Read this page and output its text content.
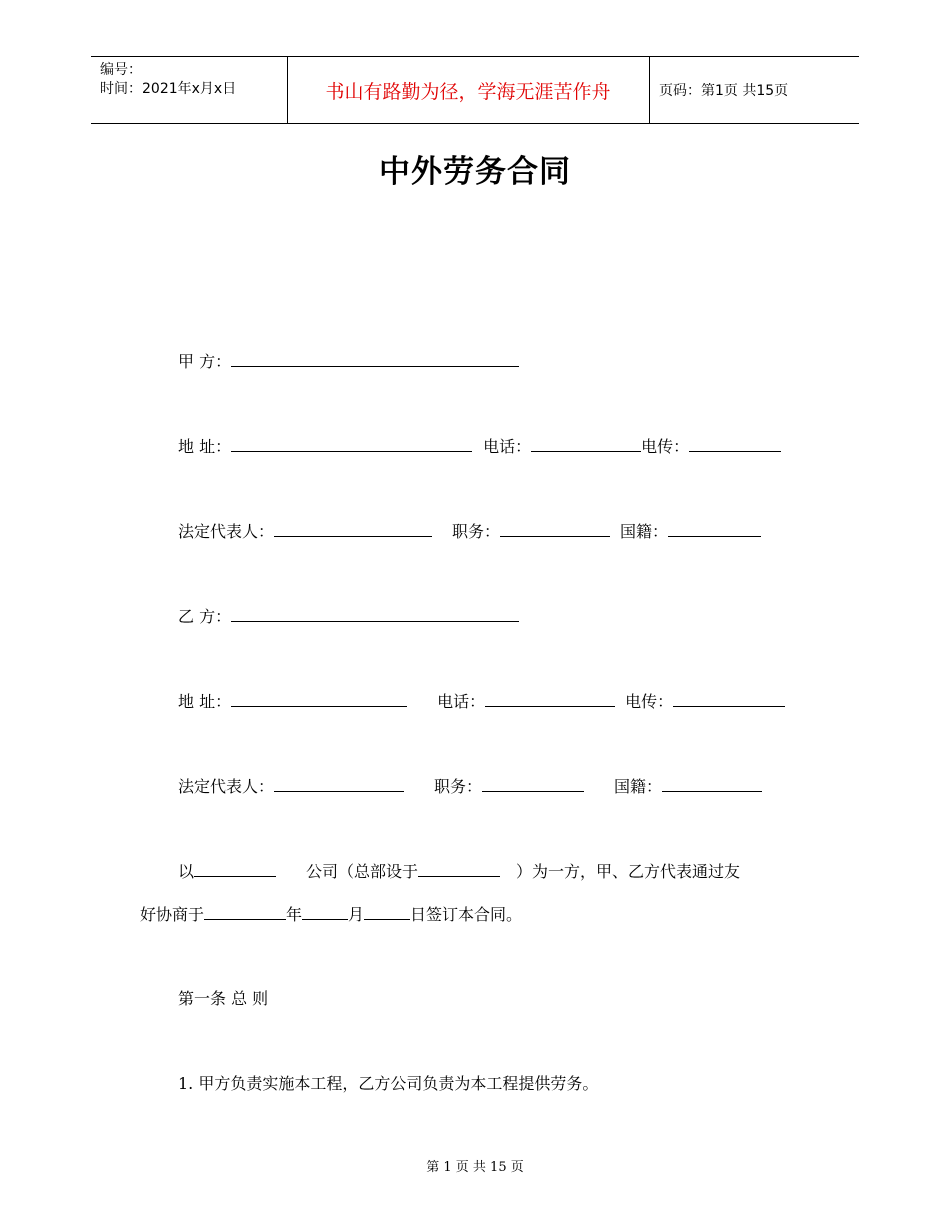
编号：
时间：2021年x月x日	书山有路勤为径，学海无涯苦作舟	页码：第1页 共15页
中外劳务合同
甲 方：
地 址：	电话：	电传：
法定代表人：	职务：	国籍：
乙 方：
地 址：	电话：	电传：
法定代表人：	职务：	国籍：
以	公司（总部设于	）为一方，甲、乙方代表通过友
好协商于	年	月	日签订本合同。
第一条 总 则
1. 甲方负责实施本工程，乙方公司负责为本工程提供劳务。
第 1 页 共 15 页
